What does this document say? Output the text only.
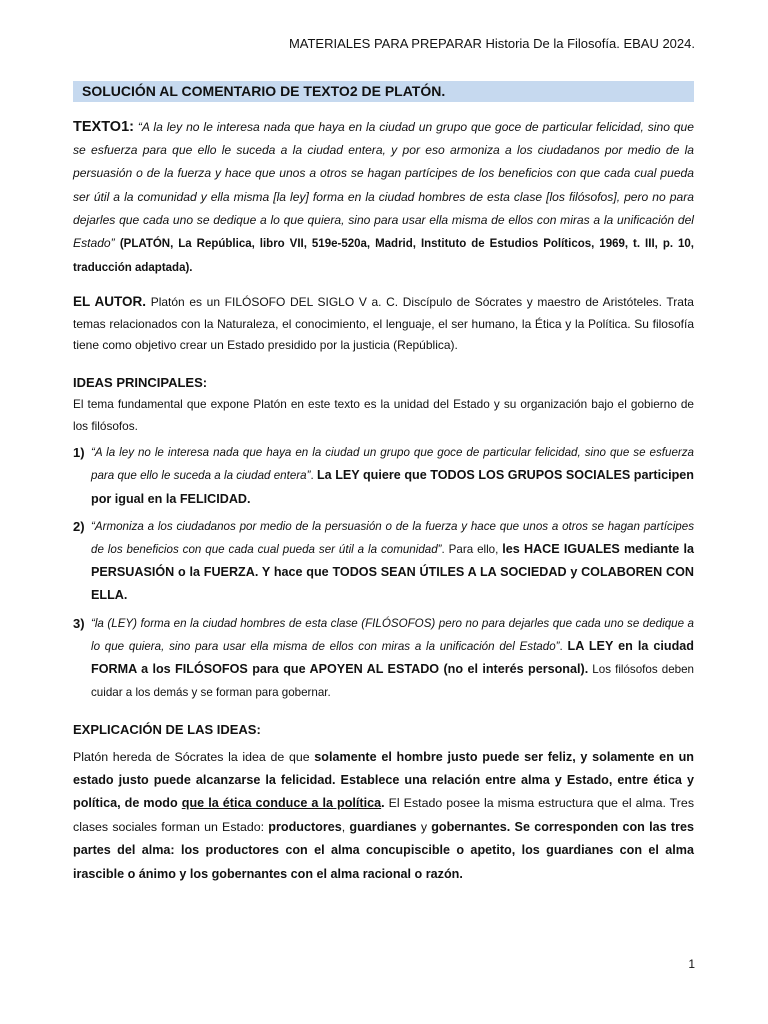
MATERIALES PARA PREPARAR Historia De la Filosofía. EBAU 2024.
SOLUCIÓN AL COMENTARIO DE TEXTO2 DE PLATÓN.

TEXTO1: “A la ley no le interesa nada que haya en la ciudad un grupo que goce de particular felicidad, sino que se esfuerza para que ello le suceda a la ciudad entera, y por eso armoniza a los ciudadanos por medio de la persuasión o de la fuerza y hace que unos a otros se hagan partícipes de los beneficios con que cada cual pueda ser útil a la comunidad y ella misma [la ley] forma en la ciudad hombres de esta clase [los filósofos], pero no para dejarles que cada uno se dedique a lo que quiera, sino para usar ella misma de ellos con miras a la unificación del Estado” (PLATÓN, La República, libro VII, 519e-520a, Madrid, Instituto de Estudios Políticos, 1969, t. III, p. 10, traducción adaptada).

EL AUTOR. Platón es un FILÓSOFO DEL SIGLO V a. C. Discípulo de Sócrates y maestro de Aristóteles. Trata temas relacionados con la Naturaleza, el conocimiento, el lenguaje, el ser humano, la Ética y la Política. Su filosofía tiene como objetivo crear un Estado presidido por la justicia (República).

IDEAS PRINCIPALES:

El tema fundamental que expone Platón en este texto es la unidad del Estado y su organización bajo el gobierno de los filósofos.

1) “A la ley no le interesa nada que haya en la ciudad un grupo que goce de particular felicidad, sino que se esfuerza para que ello le suceda a la ciudad entera”. La LEY quiere que TODOS LOS GRUPOS SOCIALES participen por igual en la FELICIDAD.
2) “Armoniza a los ciudadanos por medio de la persuasión o de la fuerza y hace que unos a otros se hagan partícipes de los beneficios con que cada cual pueda ser útil a la comunidad”. Para ello, les HACE IGUALES mediante la PERSUASIÓN o la FUERZA. Y hace que TODOS SEAN ÚTILES A LA SOCIEDAD y COLABOREN CON ELLA.
3) “la (LEY) forma en la ciudad hombres de esta clase (FILÓSOFOS) pero no para dejarles que cada uno se dedique a lo que quiera, sino para usar ella misma de ellos con miras a la unificación del Estado”. LA LEY en la ciudad FORMA a los FILÓSOFOS para que APOYEN AL ESTADO (no el interés personal). Los filósofos deben cuidar a los demás y se forman para gobernar.

EXPLICACIÓN DE LAS IDEAS:

Platón hereda de Sócrates la idea de que solamente el hombre justo puede ser feliz, y solamente en un estado justo puede alcanzarse la felicidad. Establece una relación entre alma y Estado, entre ética y política, de modo que la ética conduce a la política. El Estado posee la misma estructura que el alma. Tres clases sociales forman un Estado: productores, guardianes y gobernantes. Se corresponden con las tres partes del alma: los productores con el alma concupiscible o apetito, los guardianes con el alma irascible o ánimo y los gobernantes con el alma racional o razón.

1
